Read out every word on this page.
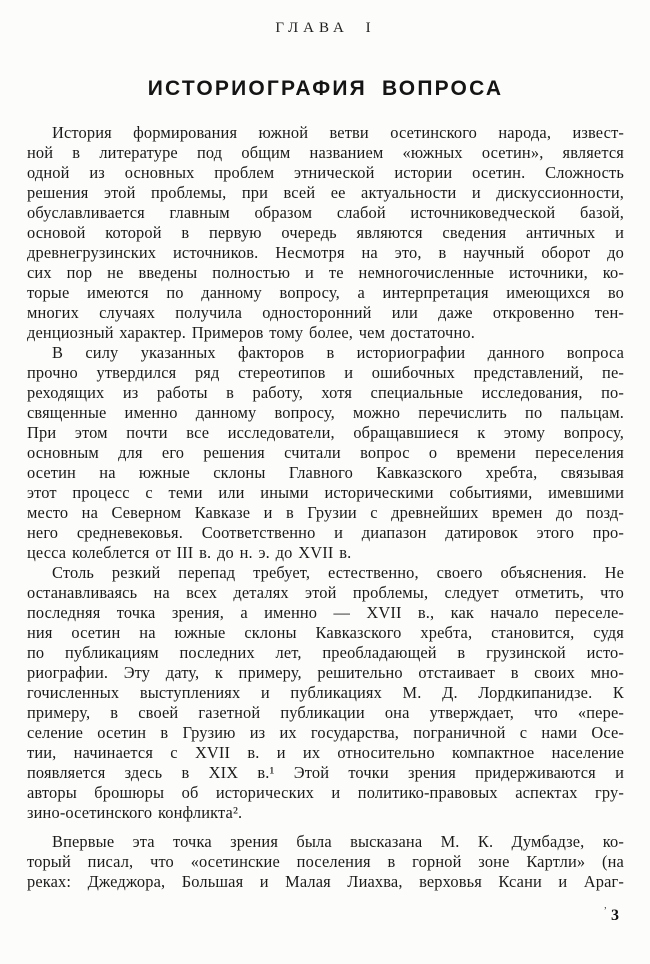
ГЛАВА I
ИСТОРИОГРАФИЯ ВОПРОСА
История формирования южной ветви осетинского народа, извест-
ной в литературе под общим названием «южных осетин», является
одной из основных проблем этнической истории осетин. Сложность
решения этой проблемы, при всей ее актуальности и дискуссионности,
обуславливается главным образом слабой источниковедческой базой,
основой которой в первую очередь являются сведения античных и
древнегрузинских источников. Несмотря на это, в научный оборот до
сих пор не введены полностью и те немногочисленные источники, ко-
торые имеются по данному вопросу, а интерпретация имеющихся во
многих случаях получила односторонний или даже откровенно тен-
денциозный характер. Примеров тому более, чем достаточно.
В силу указанных факторов в историографии данного вопроса
прочно утвердился ряд стереотипов и ошибочных представлений, пе-
реходящих из работы в работу, хотя специальные исследования, по-
священные именно данному вопросу, можно перечислить по пальцам.
При этом почти все исследователи, обращавшиеся к этому вопросу,
основным для его решения считали вопрос о времени переселения
осетин на южные склоны Главного Кавказского хребта, связывая
этот процесс с теми или иными историческими событиями, имевшими
место на Северном Кавказе и в Грузии с древнейших времен до позд-
него средневековья. Соответственно и диапазон датировок этого про-
цесса колеблется от III в. до н. э. до XVII в.
Столь резкий перепад требует, естественно, своего объяснения. Не
останавливаясь на всех деталях этой проблемы, следует отметить, что
последняя точка зрения, а именно — XVII в., как начало переселе-
ния осетин на южные склоны Кавказского хребта, становится, судя
по публикациям последних лет, преобладающей в грузинской исто-
риографии. Эту дату, к примеру, решительно отстаивает в своих мно-
гочисленных выступлениях и публикациях М. Д. Лордкипанидзе. К
примеру, в своей газетной публикации она утверждает, что «пере-
селение осетин в Грузию из их государства, пограничной с нами Осе-
тии, начинается с XVII в. и их относительно компактное население
появляется здесь в XIX в.¹ Этой точки зрения придерживаются и
авторы брошюры об исторических и политико-правовых аспектах гру-
зино-осетинского конфликта².
Впервые эта точка зрения была высказана М. К. Думбадзе, ко-
торый писал, что «осетинские поселения в горной зоне Картли» (на
реках: Джеджора, Большая и Малая Лиахва, верховья Ксани и Араг-
$^ʼ$ 3
